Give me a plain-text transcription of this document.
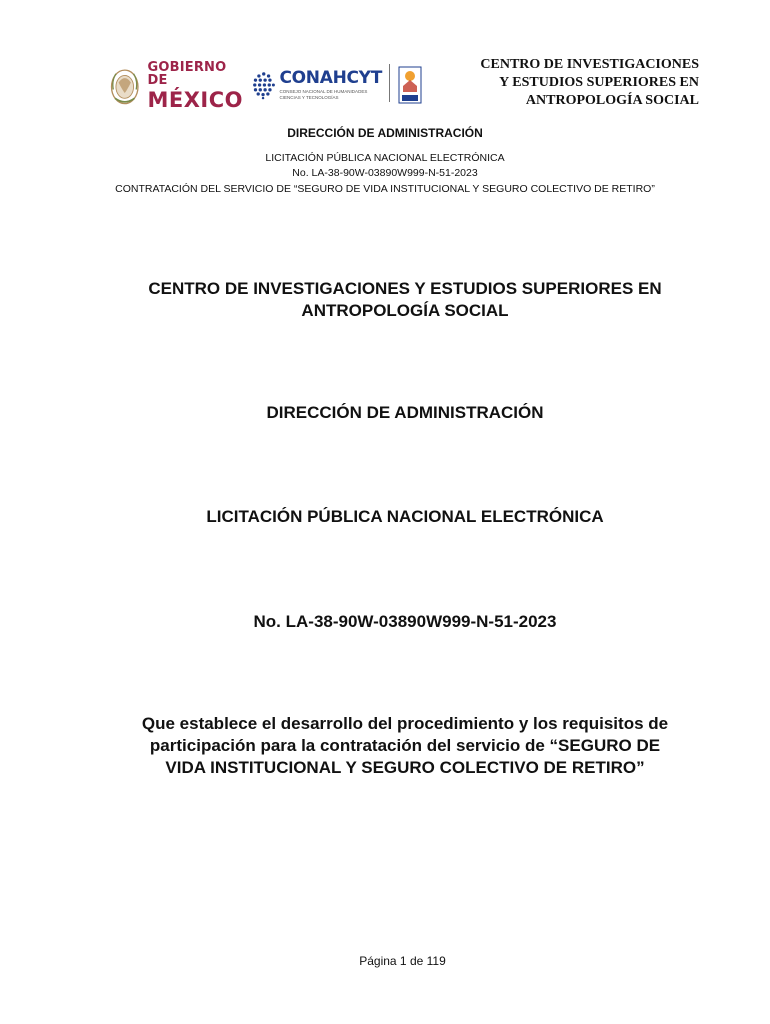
GOBIERNO DE
MÉXICO
CONAHCYT
CONSEJO NACIONAL DE HUMANIDADES CIENCIAS Y TECNOLOGÍAS
CENTRO DE INVESTIGACIONES
Y ESTUDIOS SUPERIORES EN
ANTROPOLOGÍA SOCIAL
DIRECCIÓN DE ADMINISTRACIÓN
LICITACIÓN PÚBLICA NACIONAL ELECTRÓNICA
No. LA-38-90W-03890W999-N-51-2023
CONTRATACIÓN DEL SERVICIO DE “SEGURO DE VIDA INSTITUCIONAL Y SEGURO COLECTIVO DE RETIRO”
CENTRO DE INVESTIGACIONES Y ESTUDIOS SUPERIORES EN
ANTROPOLOGÍA SOCIAL
DIRECCIÓN DE ADMINISTRACIÓN
LICITACIÓN PÚBLICA NACIONAL ELECTRÓNICA
No. LA-38-90W-03890W999-N-51-2023
Que establece el desarrollo del procedimiento y los requisitos de
participación para la contratación del servicio de “SEGURO DE
VIDA INSTITUCIONAL Y SEGURO COLECTIVO DE RETIRO”
Página 1 de 119
